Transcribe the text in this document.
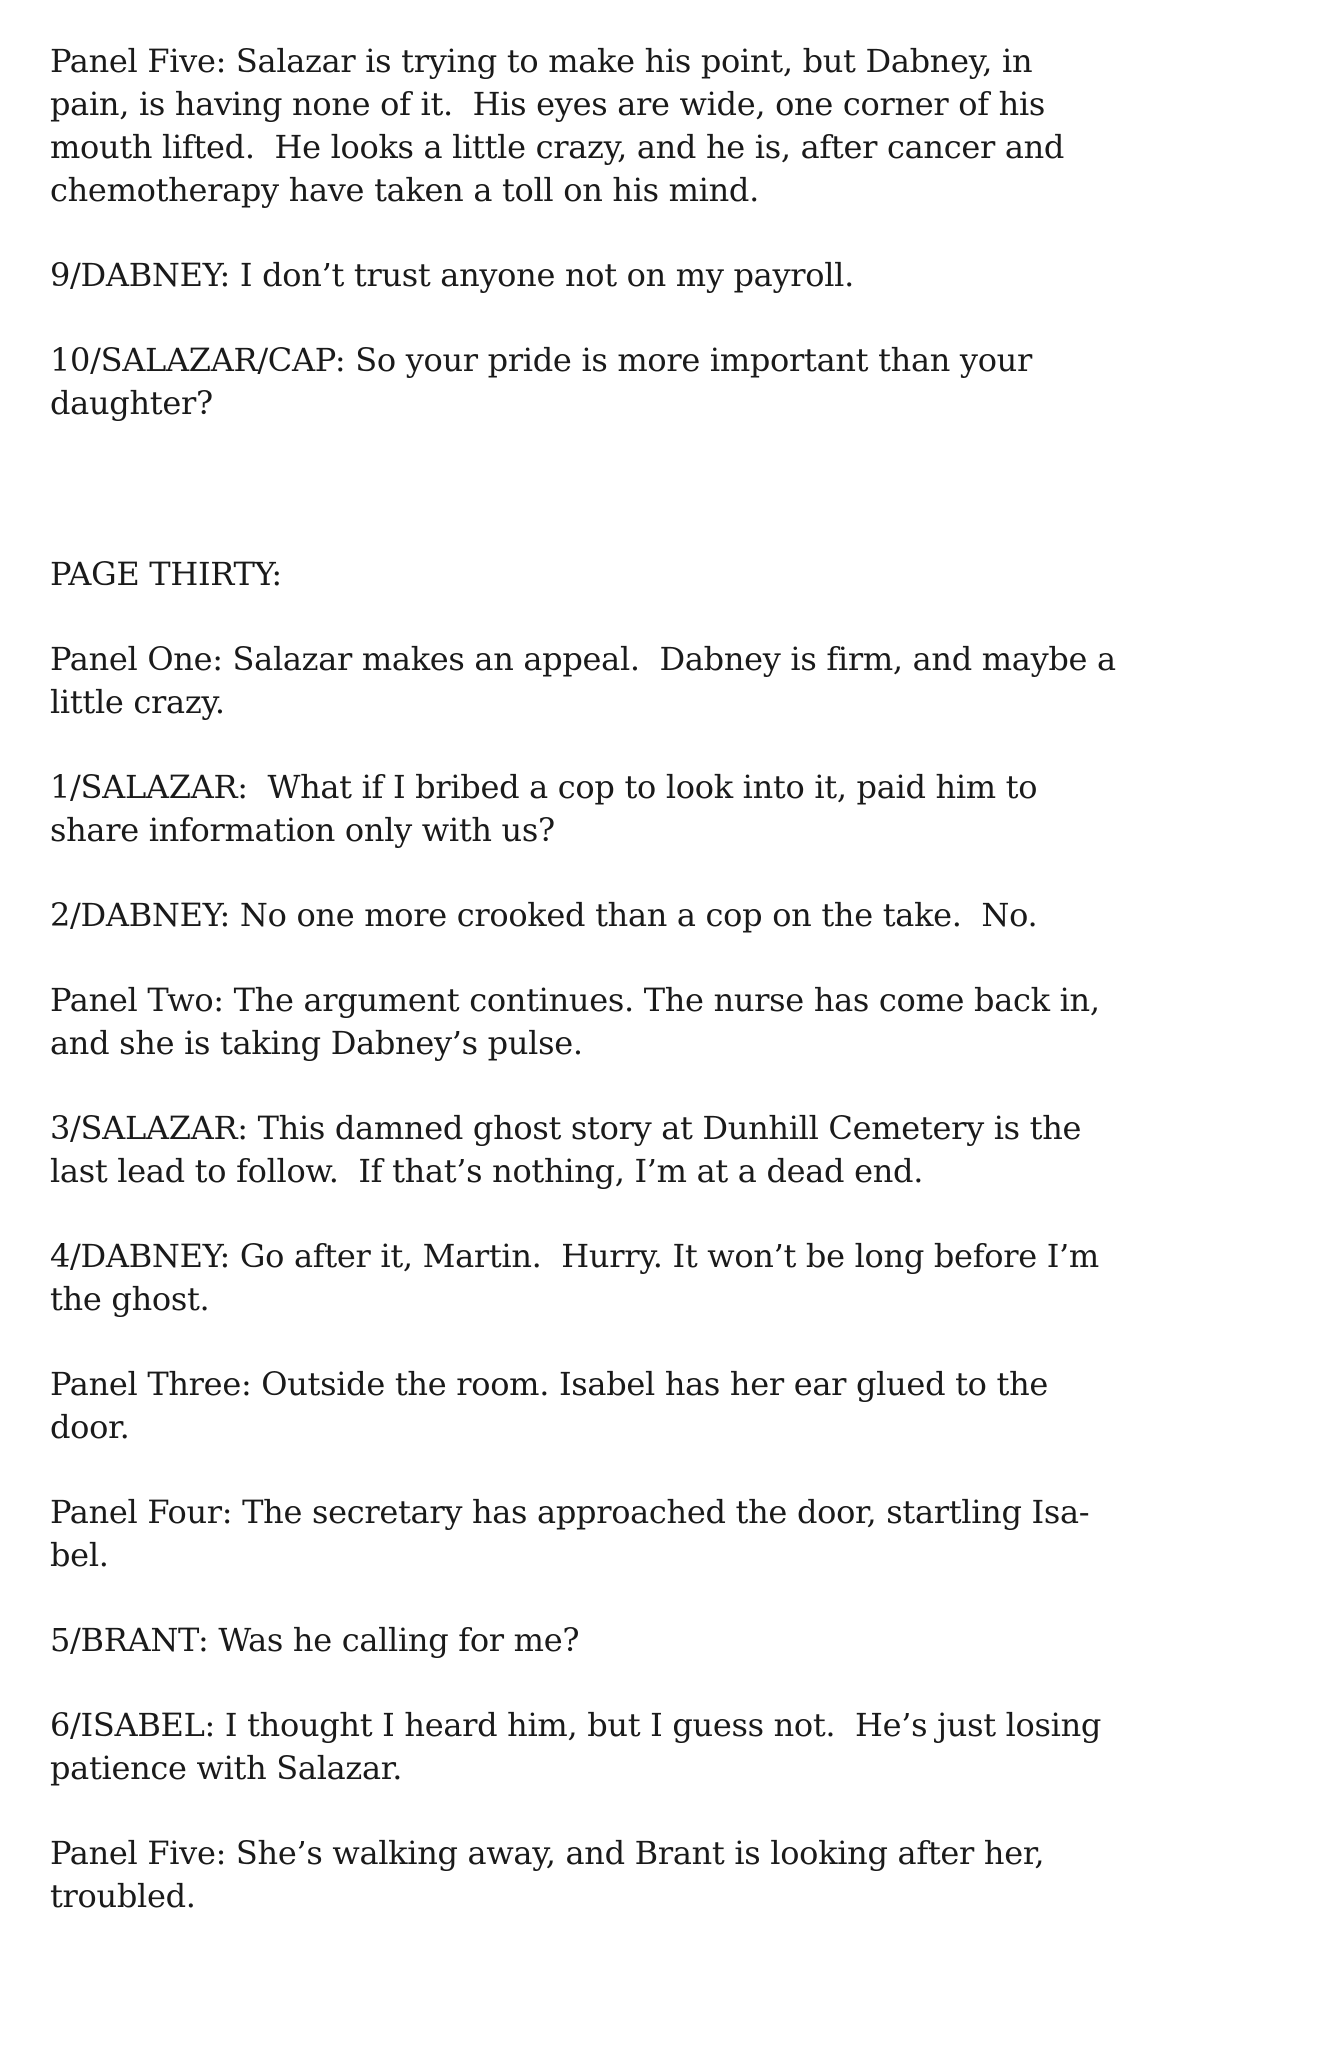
Panel Five: Salazar is trying to make his point, but Dabney, in
pain, is having none of it.  His eyes are wide, one corner of his
mouth lifted.  He looks a little crazy, and he is, after cancer and
chemotherapy have taken a toll on his mind.

9/DABNEY: I don’t trust anyone not on my payroll.

10/SALAZAR/CAP: So your pride is more important than your
daughter?

PAGE THIRTY:

Panel One: Salazar makes an appeal.  Dabney is firm, and maybe a
little crazy.

1/SALAZAR:  What if I bribed a cop to look into it, paid him to
share information only with us?

2/DABNEY: No one more crooked than a cop on the take.  No.

Panel Two: The argument continues. The nurse has come back in,
and she is taking Dabney’s pulse.

3/SALAZAR: This damned ghost story at Dunhill Cemetery is the
last lead to follow.  If that’s nothing, I’m at a dead end.

4/DABNEY: Go after it, Martin.  Hurry. It won’t be long before I’m
the ghost.

Panel Three: Outside the room. Isabel has her ear glued to the
door.

Panel Four: The secretary has approached the door, startling Isa-
bel.

5/BRANT: Was he calling for me?

6/ISABEL: I thought I heard him, but I guess not.  He’s just losing
patience with Salazar.

Panel Five: She’s walking away, and Brant is looking after her,
troubled.
